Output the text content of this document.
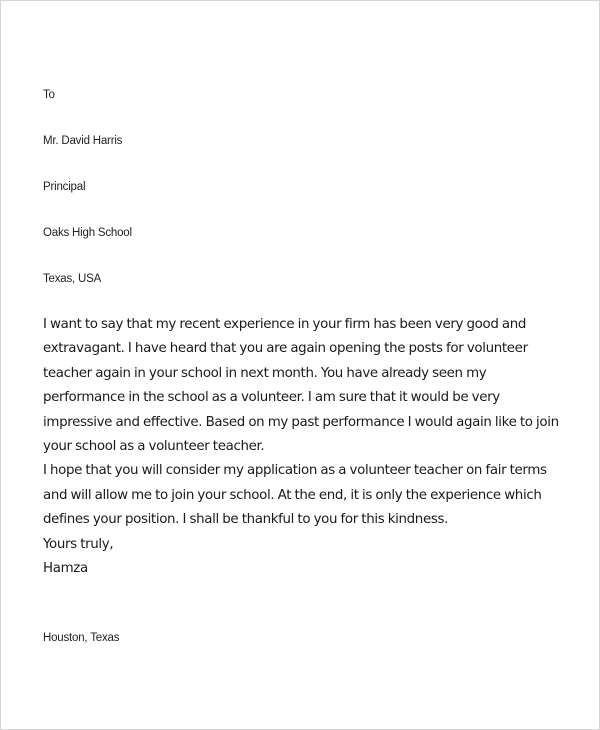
To
Mr. David Harris
Principal
Oaks High School
Texas, USA
I want to say that my recent experience in your firm has been very good and
extravagant. I have heard that you are again opening the posts for volunteer
teacher again in your school in next month. You have already seen my
performance in the school as a volunteer. I am sure that it would be very
impressive and effective. Based on my past performance I would again like to join
your school as a volunteer teacher.
I hope that you will consider my application as a volunteer teacher on fair terms
and will allow me to join your school. At the end, it is only the experience which
defines your position. I shall be thankful to you for this kindness.
Yours truly,
Hamza
Houston, Texas
